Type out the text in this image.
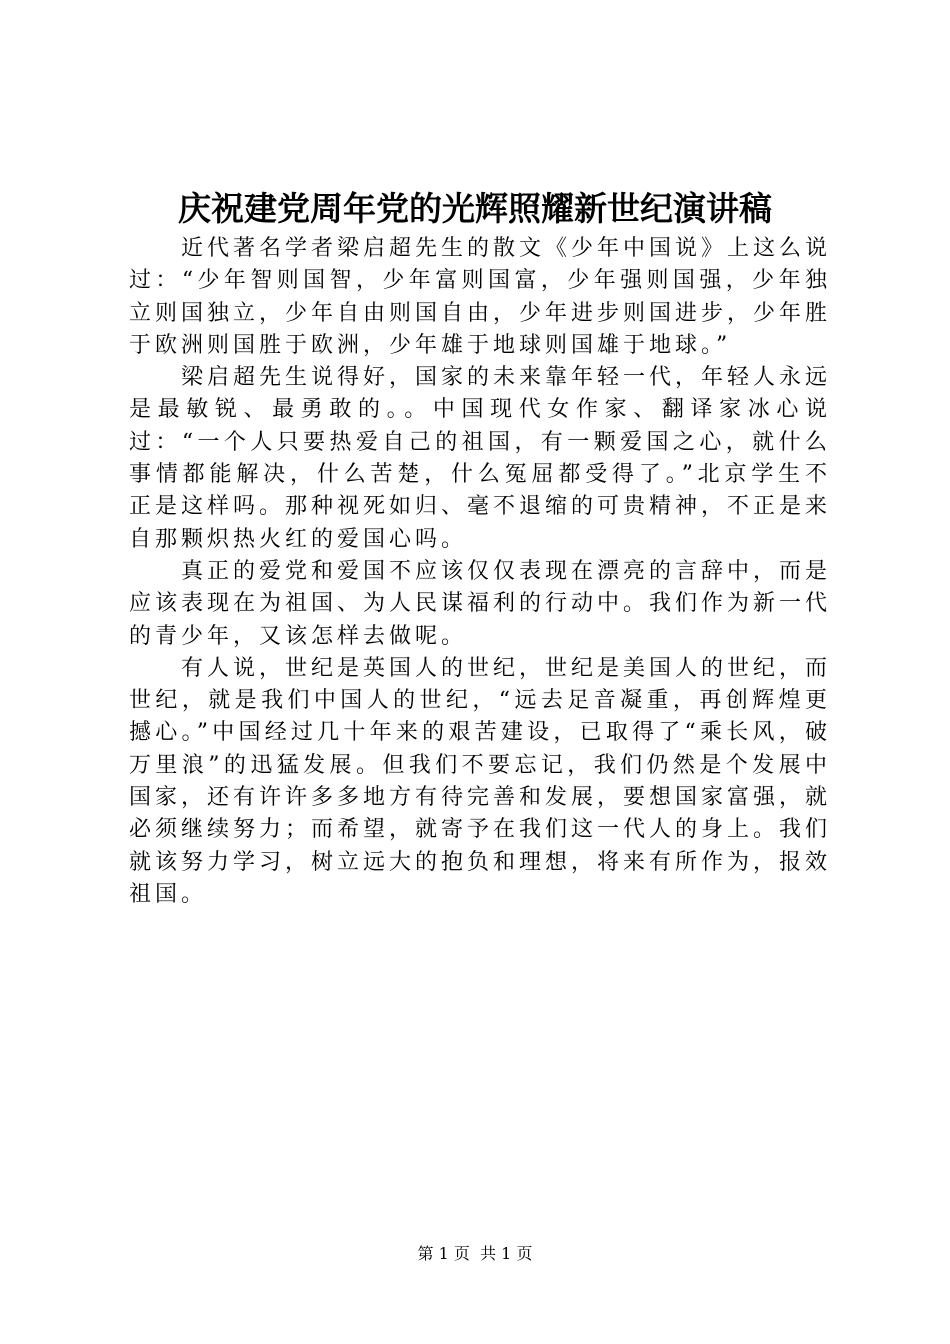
庆祝建党周年党的光辉照耀新世纪演讲稿

近代著名学者梁启超先生的散文《少年中国说》上这么说过：“少年智则国智，少年富则国富，少年强则国强，少年独立则国独立，少年自由则国自由，少年进步则国进步，少年胜于欧洲则国胜于欧洲，少年雄于地球则国雄于地球。”

梁启超先生说得好，国家的未来靠年轻一代，年轻人永远是最敏锐、最勇敢的。。中国现代女作家、翻译家冰心说过：“一个人只要热爱自己的祖国，有一颗爱国之心，就什么事情都能解决，什么苦楚，什么冤屈都受得了。”北京学生不正是这样吗。那种视死如归、毫不退缩的可贵精神，不正是来自那颗炽热火红的爱国心吗。

真正的爱党和爱国不应该仅仅表现在漂亮的言辞中，而是应该表现在为祖国、为人民谋福利的行动中。我们作为新一代的青少年，又该怎样去做呢。

有人说，世纪是英国人的世纪，世纪是美国人的世纪，而世纪，就是我们中国人的世纪，“远去足音凝重，再创辉煌更撼心。”中国经过几十年来的艰苦建设，已取得了“乘长风，破万里浪”的迅猛发展。但我们不要忘记，我们仍然是个发展中国家，还有许许多多地方有待完善和发展，要想国家富强，就必须继续努力；而希望，就寄予在我们这一代人的身上。我们就该努力学习，树立远大的抱负和理想，将来有所作为，报效祖国。

第 1 页  共 1 页
